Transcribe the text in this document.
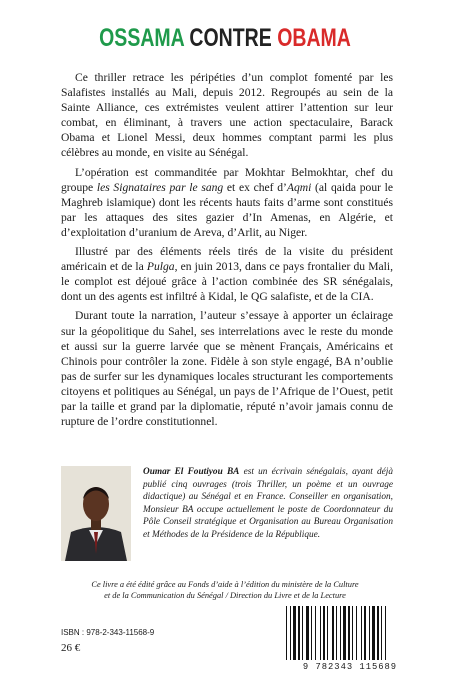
OSSAMA CONTRE OBAMA

Ce thriller retrace les péripéties d’un complot fomenté par les Salafistes installés au Mali, depuis 2012. Regroupés au sein de la Sainte Alliance, ces extrémistes veulent attirer l’attention sur leur combat, en éliminant, à travers une action spectaculaire, Barack Obama et Lionel Messi, deux hommes comptant parmi les plus célèbres au monde, en visite au Sénégal.

L’opération est commanditée par Mokhtar Belmokhtar, chef du groupe les Signataires par le sang et ex chef d’Aqmi (al qaida pour le Maghreb islamique) dont les récents hauts faits d’arme sont constitués par les attaques des sites gazier d’In Amenas, en Algérie, et d’exploitation d’uranium de Areva, d’Arlit, au Niger.

Illustré par des éléments réels tirés de la visite du président américain et de la Pulga, en juin 2013, dans ce pays frontalier du Mali, le complot est déjoué grâce à l’action combinée des SR sénégalais, dont un des agents est infiltré à Kidal, le QG salafiste, et de la CIA.

Durant toute la narration, l’auteur s’essaye à apporter un éclairage sur la géopolitique du Sahel, ses interrelations avec le reste du monde et aussi sur la guerre larvée que se mènent Français, Américains et Chinois pour contrôler la zone. Fidèle à son style engagé, BA n’oublie pas de surfer sur les dynamiques locales structurant les comportements citoyens et politiques au Sénégal, un pays de l’Afrique de l’Ouest, petit par la taille et grand par la diplomatie, réputé n’avoir jamais connu de rupture de l’ordre constitutionnel.

Oumar El Foutiyou BA est un écrivain sénégalais, ayant déjà publié cinq ouvrages (trois Thriller, un poème et un ouvrage didactique) au Sénégal et en France. Conseiller en organisation, Monsieur BA occupe actuellement le poste de Coordonnateur du Pôle Conseil stratégique et Organisation au Bureau Organisation et Méthodes de la Présidence de la République.
Ce livre a été édité grâce au Fonds d’aide à l’édition du ministère de la Culture
et de la Communication du Sénégal / Direction du Livre et de la Lecture
ISBN : 978-2-343-11568-9
26 €
9 782343 115689
